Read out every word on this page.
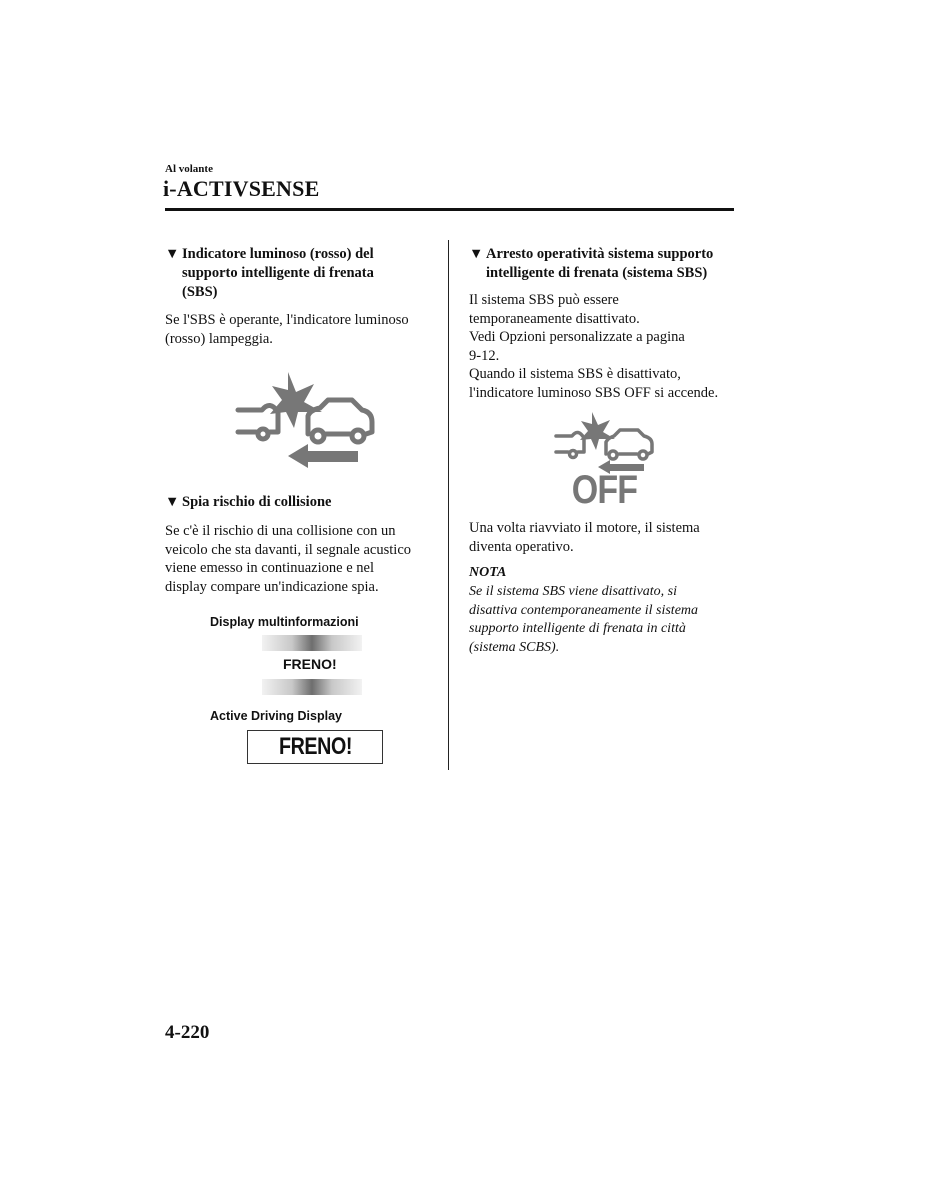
Al volante
i-ACTIVSENSE
▼ Indicatore luminoso (rosso) del
supporto intelligente di frenata
(SBS)
Se l'SBS è operante, l'indicatore luminoso
(rosso) lampeggia.
▼ Spia rischio di collisione
Se c'è il rischio di una collisione con un
veicolo che sta davanti, il segnale acustico
viene emesso in continuazione e nel
display compare un'indicazione spia.
Display multinformazioni
FRENO!
Active Driving Display
FRENO!
▼ Arresto operatività sistema supporto
intelligente di frenata (sistema SBS)
Il sistema SBS può essere
temporaneamente disattivato.
Vedi Opzioni personalizzate a pagina
9-12.
Quando il sistema SBS è disattivato,
l'indicatore luminoso SBS OFF si accende.
OFF
Una volta riavviato il motore, il sistema
diventa operativo.
NOTA
Se il sistema SBS viene disattivato, si
disattiva contemporaneamente il sistema
supporto intelligente di frenata in città
(sistema SCBS).
4-220
